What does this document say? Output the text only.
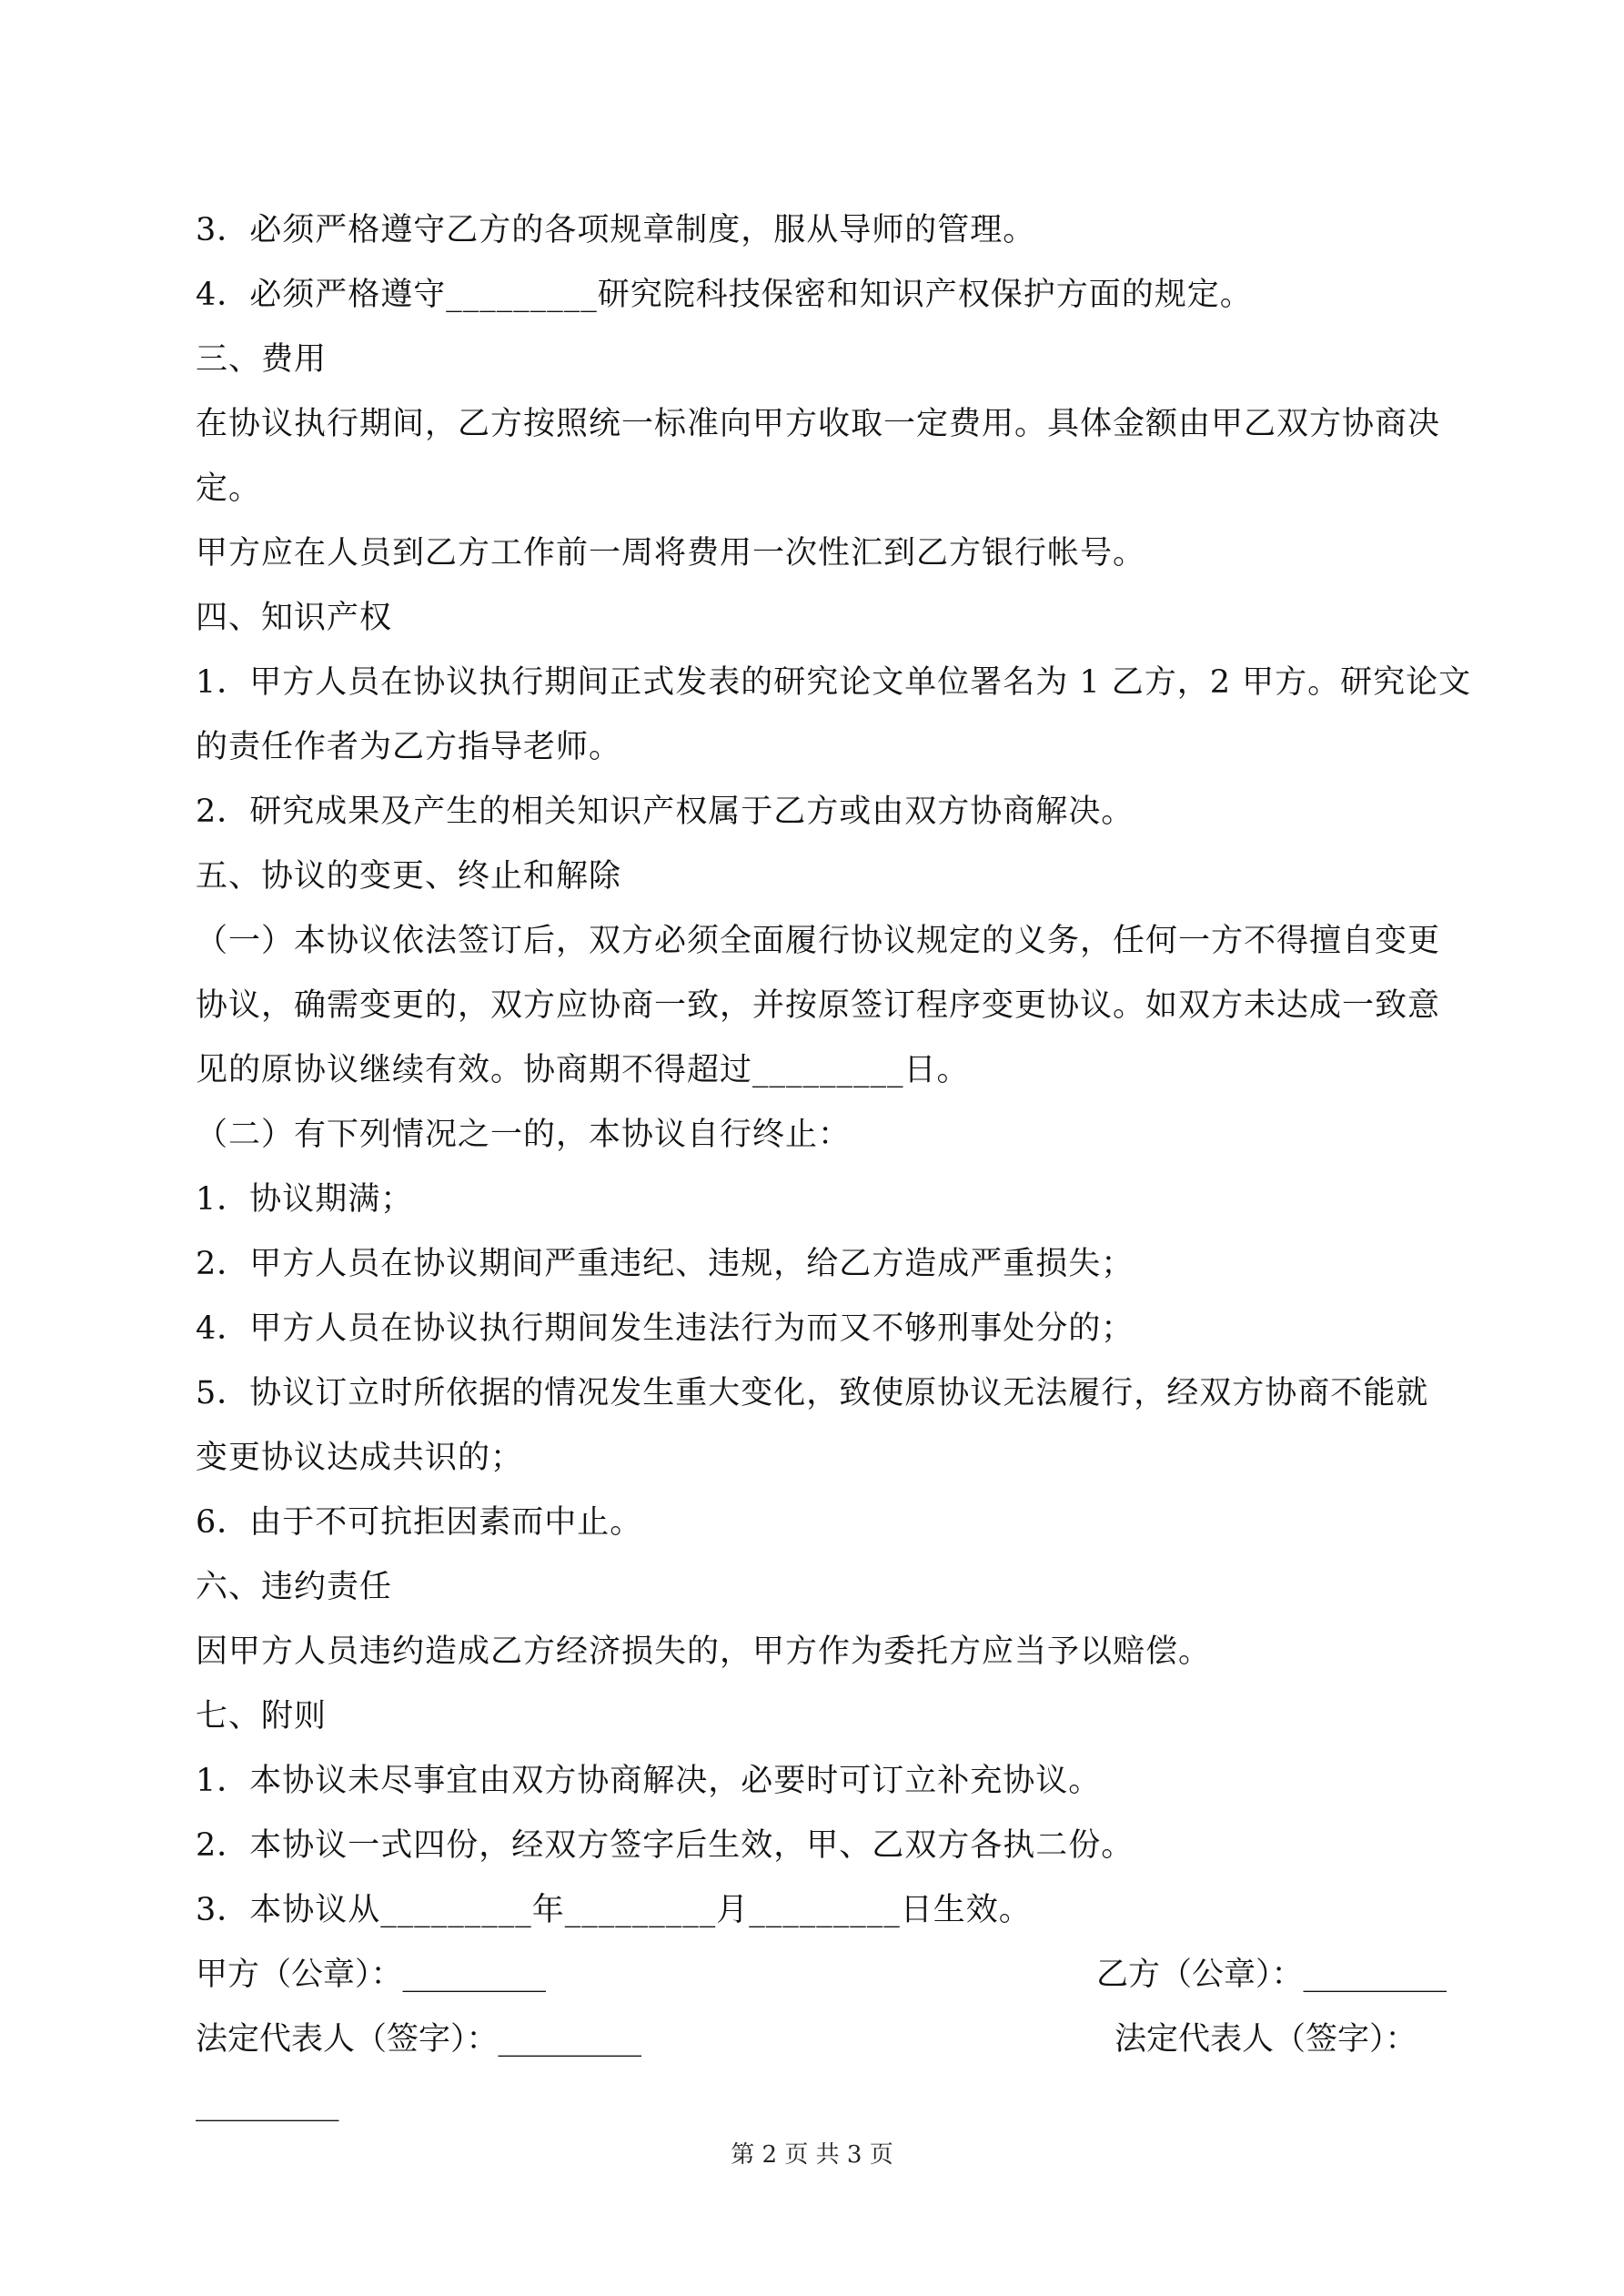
3．必须严格遵守乙方的各项规章制度，服从导师的管理。
4．必须严格遵守_________研究院科技保密和知识产权保护方面的规定。
三、费用
在协议执行期间，乙方按照统一标准向甲方收取一定费用。具体金额由甲乙双方协商决
定。
甲方应在人员到乙方工作前一周将费用一次性汇到乙方银行帐号。
四、知识产权
1．甲方人员在协议执行期间正式发表的研究论文单位署名为 1 乙方，2 甲方。研究论文
的责任作者为乙方指导老师。
2．研究成果及产生的相关知识产权属于乙方或由双方协商解决。
五、协议的变更、终止和解除
（一）本协议依法签订后，双方必须全面履行协议规定的义务，任何一方不得擅自变更
协议，确需变更的，双方应协商一致，并按原签订程序变更协议。如双方未达成一致意
见的原协议继续有效。协商期不得超过_________日。
（二）有下列情况之一的，本协议自行终止：
1．协议期满；
2．甲方人员在协议期间严重违纪、违规，给乙方造成严重损失；
4．甲方人员在协议执行期间发生违法行为而又不够刑事处分的；
5．协议订立时所依据的情况发生重大变化，致使原协议无法履行，经双方协商不能就
变更协议达成共识的；
6．由于不可抗拒因素而中止。
六、违约责任
因甲方人员违约造成乙方经济损失的，甲方作为委托方应当予以赔偿。
七、附则
1．本协议未尽事宜由双方协商解决，必要时可订立补充协议。
2．本协议一式四份，经双方签字后生效，甲、乙双方各执二份。
3．本协议从_________年_________月_________日生效。
甲方（公章）：_________	乙方（公章）：_________
法定代表人（签字）：_________	法定代表人（签字）：
_________
第 2 页 共 3 页
